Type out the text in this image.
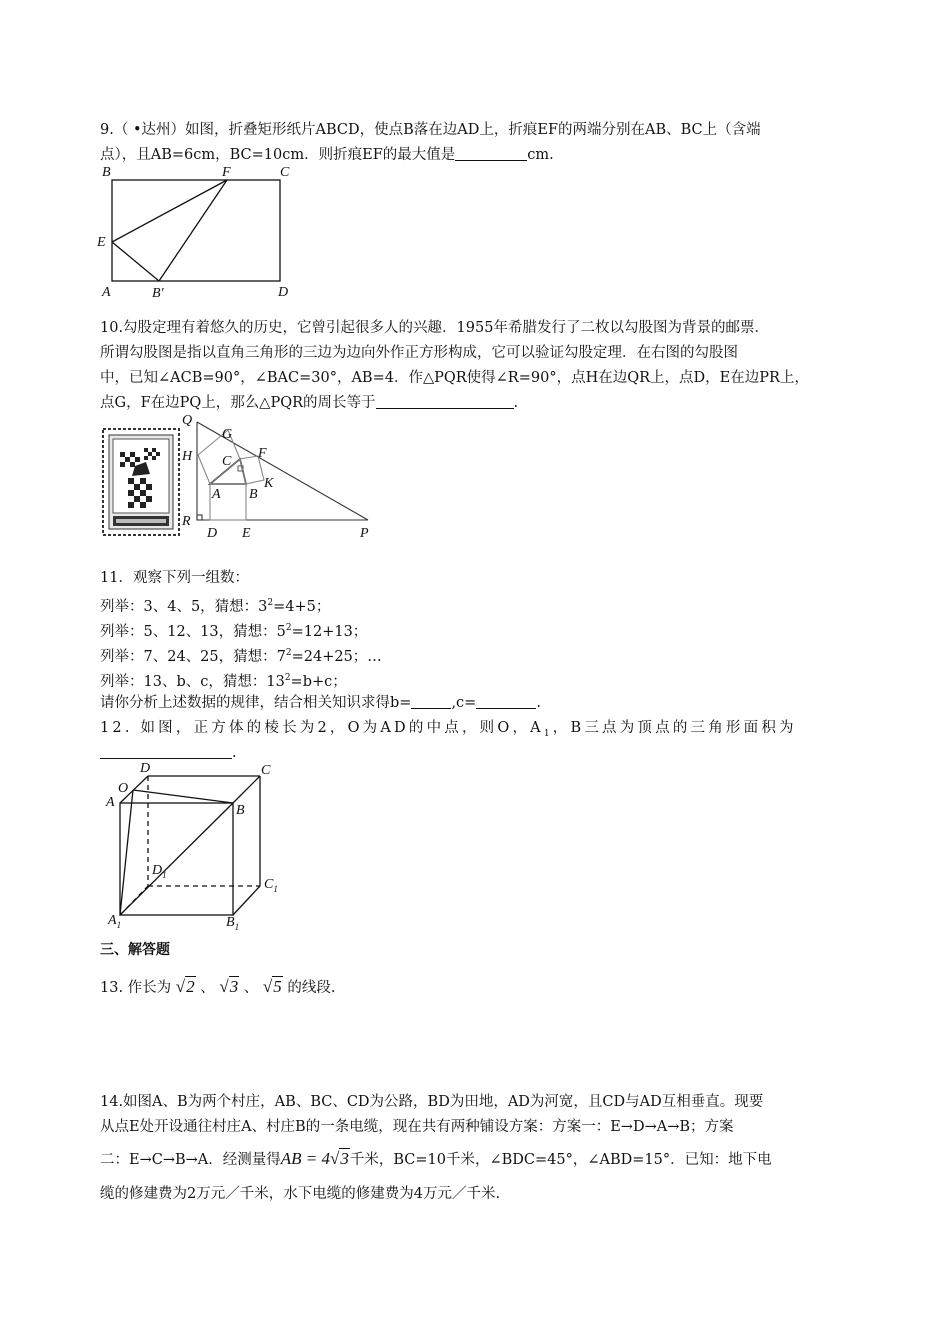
9.（ •达州）如图，折叠矩形纸片ABCD，使点B落在边AD上，折痕EF的两端分别在AB、BC上（含端
点），且AB=6cm，BC=10cm．则折痕EF的最大值是	cm.
B	F	C
E
A	B′	D
10.勾股定理有着悠久的历史，它曾引起很多人的兴趣．1955年希腊发行了二枚以勾股图为背景的邮票．
所谓勾股图是指以直角三角形的三边为边向外作正方形构成，它可以验证勾股定理．在右图的勾股图
中，已知∠ACB=90°，∠BAC=30°，AB=4．作△PQR使得∠R=90°，点H在边QR上，点D，E在边PR上，
点G，F在边PQ上，那么△PQR的周长等于	.
Q
G
H C
F
K
A B
R
D E	P
11．观察下列一组数：
列举：3、4、5，猜想：$3^2=4+5$；
列举：5、12、13，猜想：$5^2=12+13$；
列举：7、24、25，猜想：$7^2=24+25$；…
列举：13、b、c，猜想：$13^2=b+c$；
请你分析上述数据的规律，结合相关知识求得b=	,c=	.
12. 如图，正方体的棱长为2，O为AD的中点，则O，$A_1$，B三点为顶点的三角形面积为
.
O
D	C
A
B
$D_1$
$C_1$
$A_1$	$B_1$
三、解答题
13. 作长为 √2 、 √3 、 √5 的线段.
14.如图A、B为两个村庄，AB、BC、CD为公路，BD为田地，AD为河宽，且CD与AD互相垂直。现要
从点E处开设通往村庄A、村庄B的一条电缆，现在共有两种铺设方案：方案一：E→D→A→B；方案
二：E→C→B→A．经测量得AB = 4√3千米，BC=10千米，∠BDC=45°，∠ABD=15°．已知：地下电
缆的修建费为2万元／千米，水下电缆的修建费为4万元／千米.
